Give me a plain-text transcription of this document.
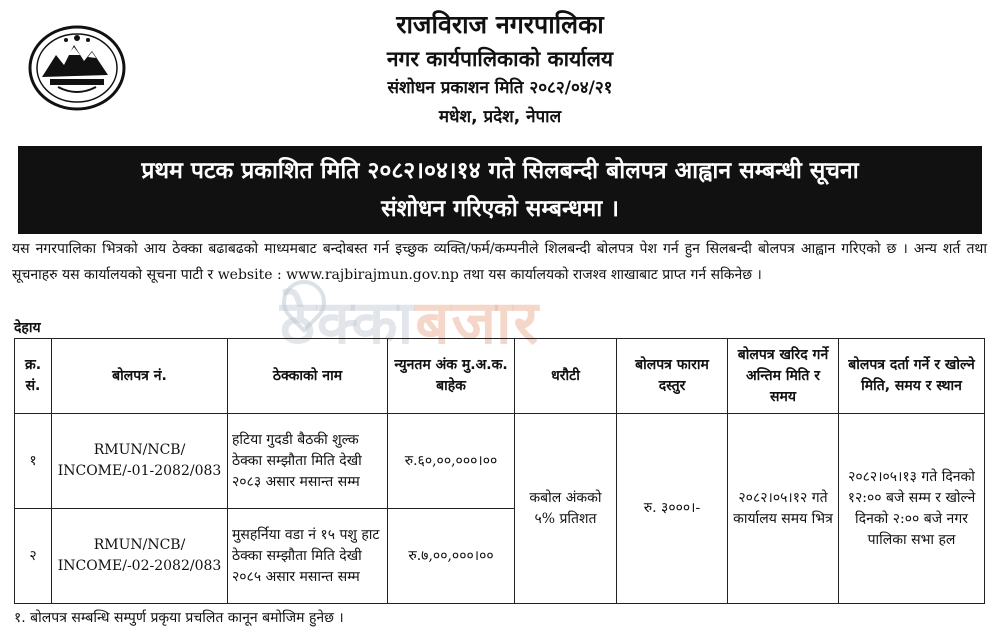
राजविराज नगरपालिका
नगर कार्यपालिकाको कार्यालय
संशोधन प्रकाशन मिति २०८२/०४/२१
मधेश, प्रदेश, नेपाल
प्रथम पटक प्रकाशित मिति २०८२।०४।१४ गते सिलबन्दी बोलपत्र आह्वान सम्बन्धी सूचना
संशोधन गरिएको सम्बन्धमा ।
ठेक्काबजार
यस नगरपालिका भित्रको आय ठेक्का बढाबढको माध्यमबाट बन्दोबस्त गर्न इच्छुक व्यक्ति/फर्म/कम्पनीले शिलबन्दी बोलपत्र पेश गर्न हुन सिलबन्दी बोलपत्र आह्वान गरिएको छ । अन्य शर्त तथा सूचनाहरु यस कार्यालयको सूचना पाटी र website : www.rajbirajmun.gov.np तथा यस कार्यालयको राजश्व शाखाबाट प्राप्त गर्न सकिनेछ ।
देहाय
क्र. सं.	बोलपत्र नं.	ठेक्काको नाम	न्युनतम अंक मु.अ.क. बाहेक	धरौटी	बोलपत्र फाराम दस्तुर	बोलपत्र खरिद गर्ने अन्तिम मिति र समय	बोलपत्र दर्ता गर्ने र खोल्ने मिति, समय र स्थान
१	RMUN/NCB/ INCOME/-01-2082/083	हटिया गुदडी बैठकी शुल्क ठेक्का सम्झौता मिति देखी २०८३ असार मसान्त सम्म	रु.६०,००,०००।००	कबोल अंकको ५% प्रतिशत	रु. ३०००।-	२०८२।०५।१२ गते कार्यालय समय भित्र	२०८२।०५।१३ गते दिनको १२:०० बजे सम्म र खोल्ने दिनको २:०० बजे नगर पालिका सभा हल
२	RMUN/NCB/ INCOME/-02-2082/083	मुसहर्निया वडा नं १५ पशु हाट ठेक्का सम्झौता मिति देखी २०८५ असार मसान्त सम्म	रु.७,००,०००।००				
१. बोलपत्र सम्बन्धि सम्पुर्ण प्रकृया प्रचलित कानून बमोजिम हुनेछ ।
